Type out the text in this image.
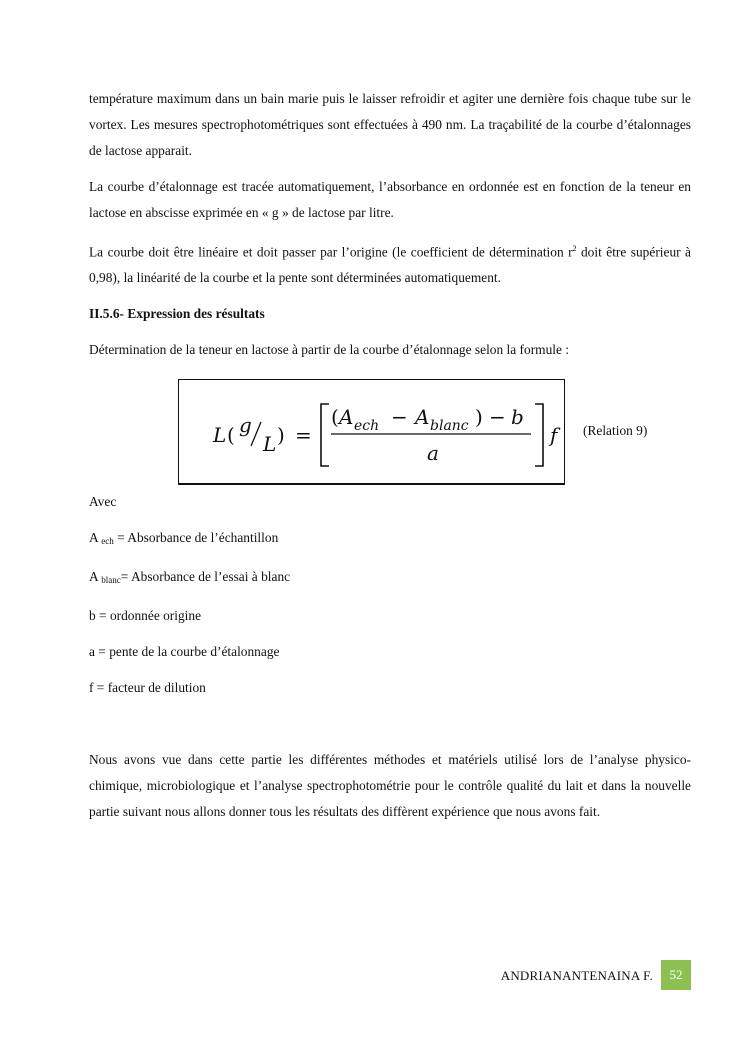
température maximum dans un bain marie puis le laisser refroidir et agiter une dernière fois chaque tube sur le vortex. Les mesures spectrophotométriques sont effectuées à 490 nm. La traçabilité de la courbe d’étalonnages de lactose apparait.

La courbe d’étalonnage est tracée automatiquement, l’absorbance en ordonnée est en fonction de la teneur en lactose en abscisse exprimée en « g » de lactose par litre.

La courbe doit être linéaire et doit passer par l’origine (le coefficient de détermination $r^2$ doit être supérieur à 0,98), la linéarité de la courbe et la pente sont déterminées automatiquement.

II.5.6- Expression des résultats

Détermination de la teneur en lactose à partir de la courbe d’étalonnage selon la formule :

L ( g
L ) =
( A ech − A blanc ) − b
a
f (Relation 9)

Avec

A $_{ech}$ = Absorbance de l’échantillon

A $_{blanc}$= Absorbance de l’essai à blanc

b = ordonnée origine

a = pente de la courbe d’étalonnage

f = facteur de dilution

Nous avons vue dans cette partie les différentes méthodes et matériels utilisé lors de l’analyse physico-chimique, microbiologique et l’analyse spectrophotométrie pour le contrôle qualité du lait et dans la nouvelle partie suivant nous allons donner tous les résultats des diffèrent expérience que nous avons fait.

ANDRIANANTENAINA F.	52
